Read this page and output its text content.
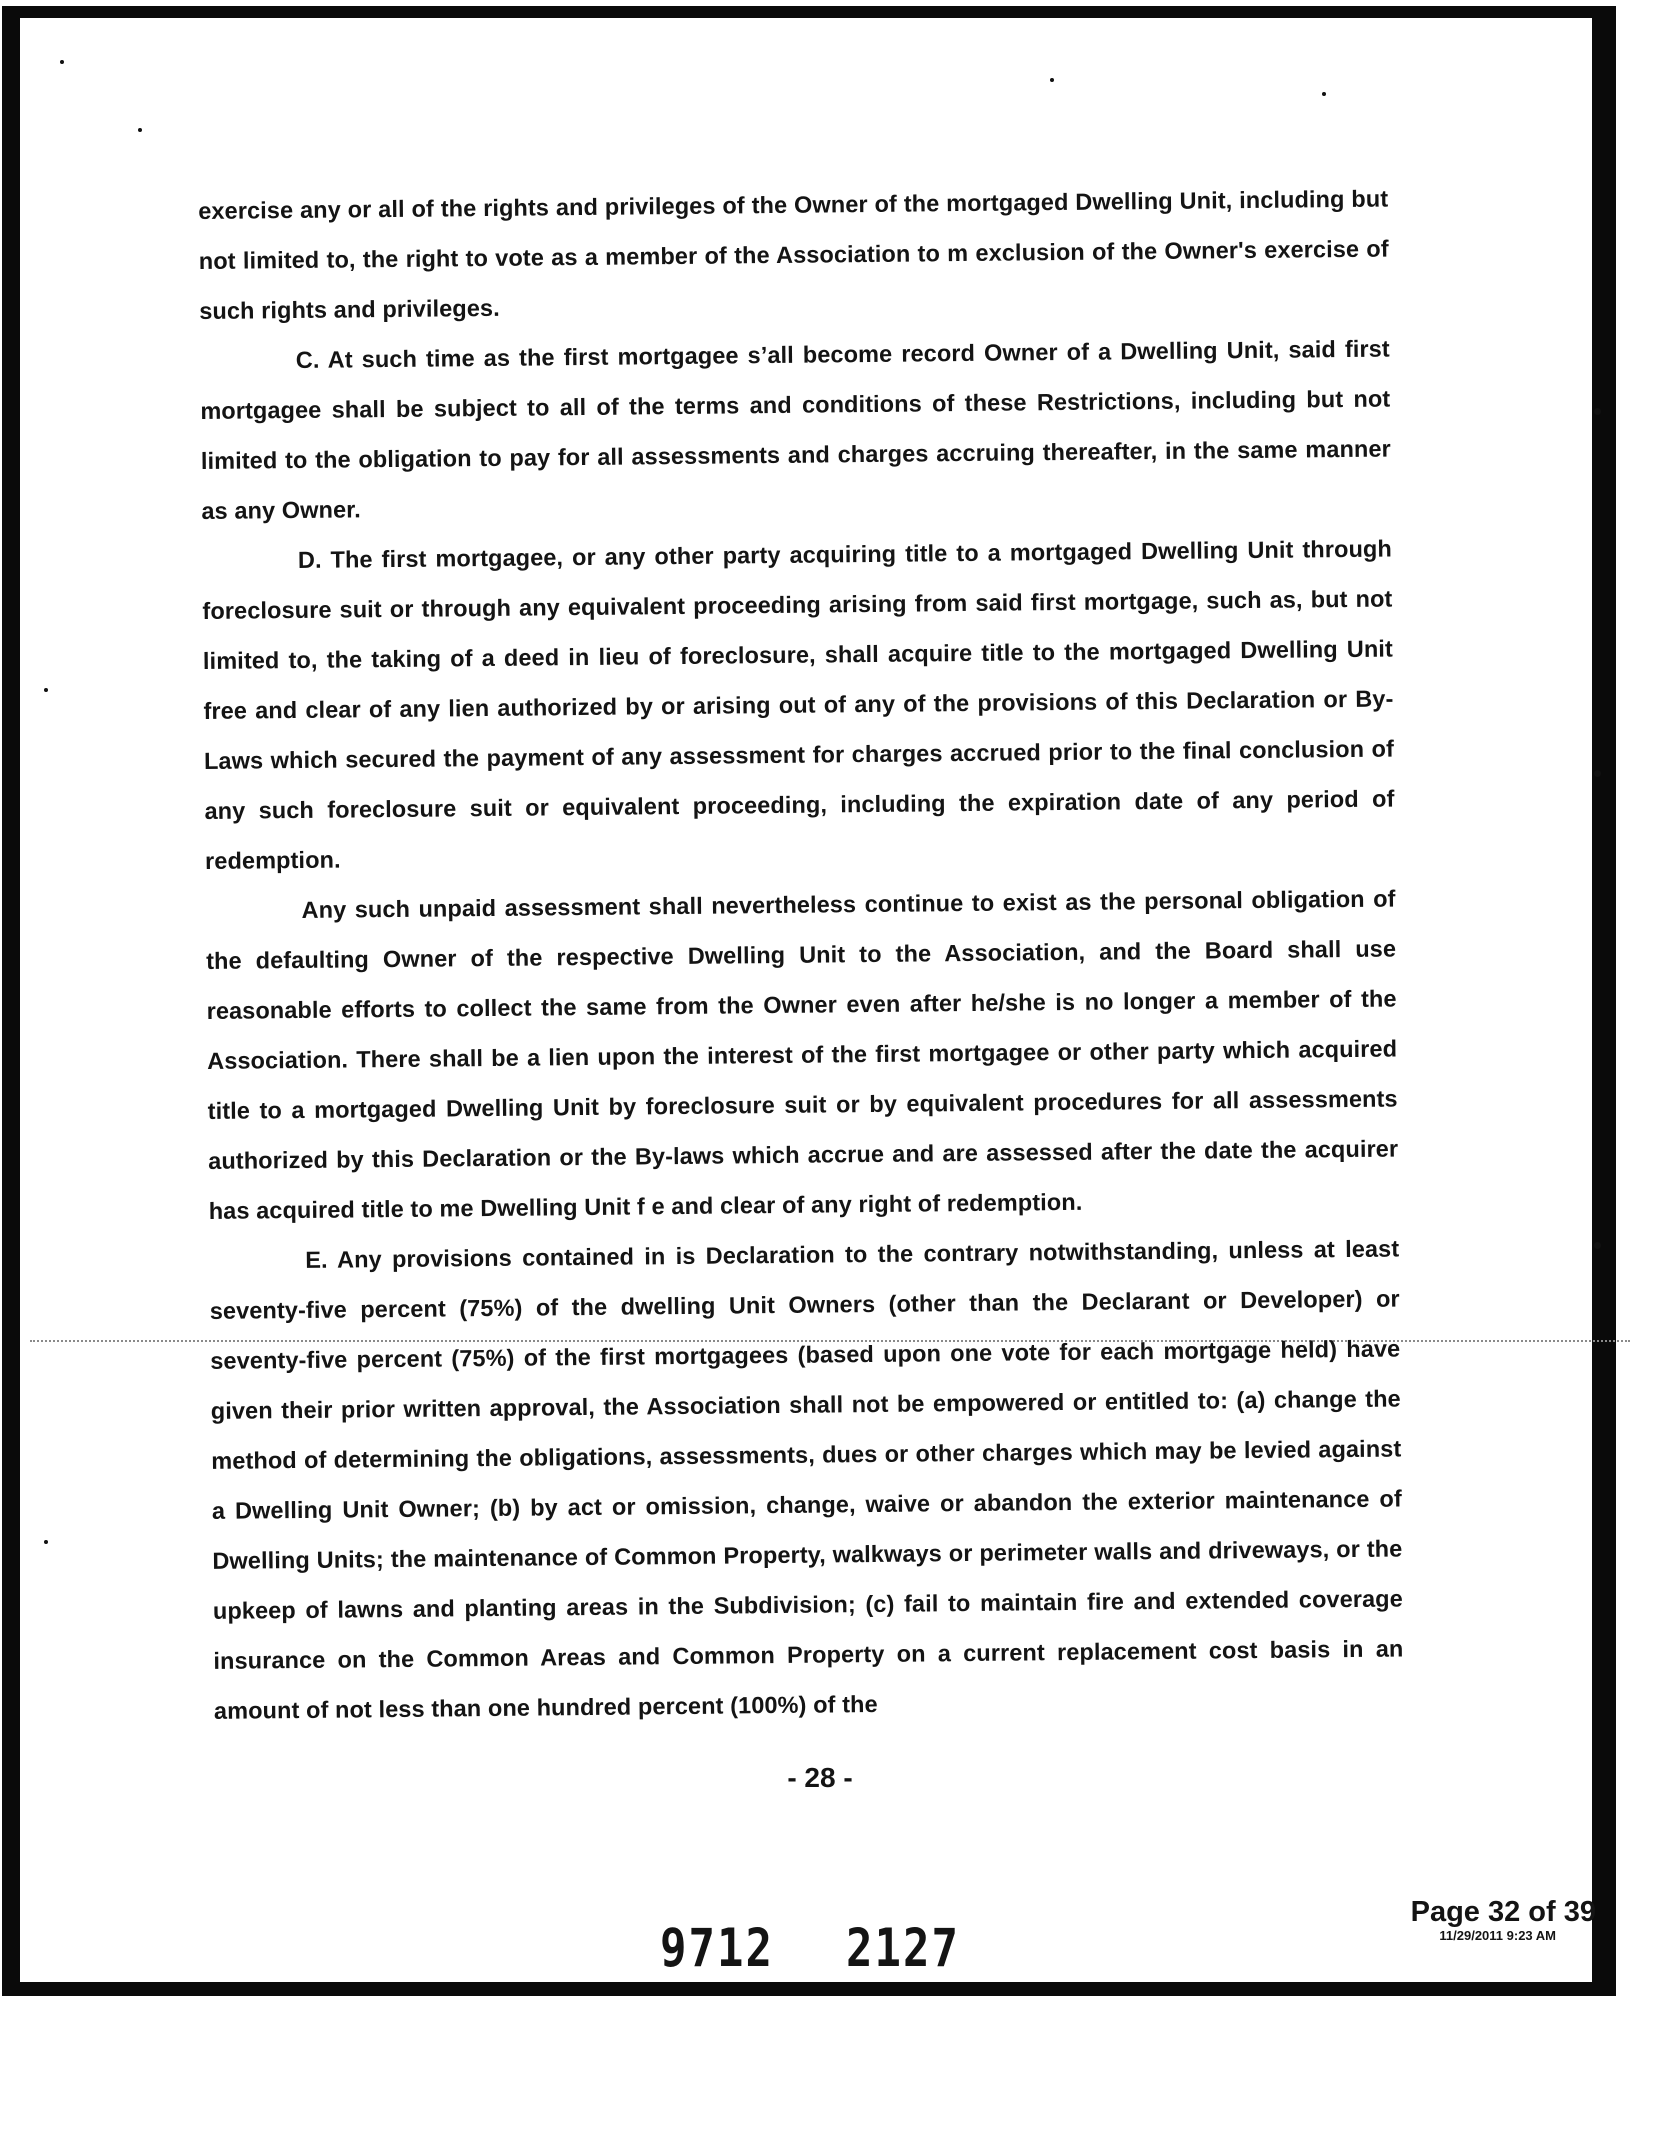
exercise any or all of the rights and privileges of the Owner of the mortgaged Dwelling Unit, including but not limited to, the right to vote as a member of the Association to m exclusion of the Owner's exercise of such rights and privileges.

C. At such time as the first mortgagee sʼall become record Owner of a Dwelling Unit, said first mortgagee shall be subject to all of the terms and conditions of these Restrictions, including but not limited to the obligation to pay for all assessments and charges accruing thereafter, in the same manner as any Owner.

D. The first mortgagee, or any other party acquiring title to a mortgaged Dwelling Unit through foreclosure suit or through any equivalent proceeding arising from said first mortgage, such as, but not limited to, the taking of a deed in lieu of foreclosure, shall acquire title to the mortgaged Dwelling Unit free and clear of any lien authorized by or arising out of any of the provisions of this Declaration or By-Laws which secured the payment of any assessment for charges accrued prior to the final conclusion of any such foreclosure suit or equivalent proceeding, including the expiration date of any period of redemption.

Any such unpaid assessment shall nevertheless continue to exist as the personal obligation of the defaulting Owner of the respective Dwelling Unit to the Association, and the Board shall use reasonable efforts to collect the same from the Owner even after he/she is no longer a member of the Association. There shall be a lien upon the interest of the first mortgagee or other party which acquired title to a mortgaged Dwelling Unit by foreclosure suit or by equivalent procedures for all assessments authorized by this Declaration or the By-laws which accrue and are assessed after the date the acquirer has acquired title to me Dwelling Unit f e and clear of any right of redemption.

E. Any provisions contained in is Declaration to the contrary notwithstanding, unless at least seventy-five percent (75%) of the dwelling Unit Owners (other than the Declarant or Developer) or seventy-five percent (75%) of the first mortgagees (based upon one vote for each mortgage held) have given their prior written approval, the Association shall not be empowered or entitled to: (a) change the method of determining the obligations, assessments, dues or other charges which may be levied against a Dwelling Unit Owner; (b) by act or omission, change, waive or abandon the exterior maintenance of Dwelling Units; the maintenance of Common Property, walkways or perimeter walls and driveways, or the upkeep of lawns and planting areas in the Subdivision; (c) fail to maintain fire and extended coverage insurance on the Common Areas and Common Property on a current replacement cost basis in an amount of not less than one hundred percent (100%) of the

- 28 -
Page 32 of 39
11/29/2011 9:23 AM
9712 2127
